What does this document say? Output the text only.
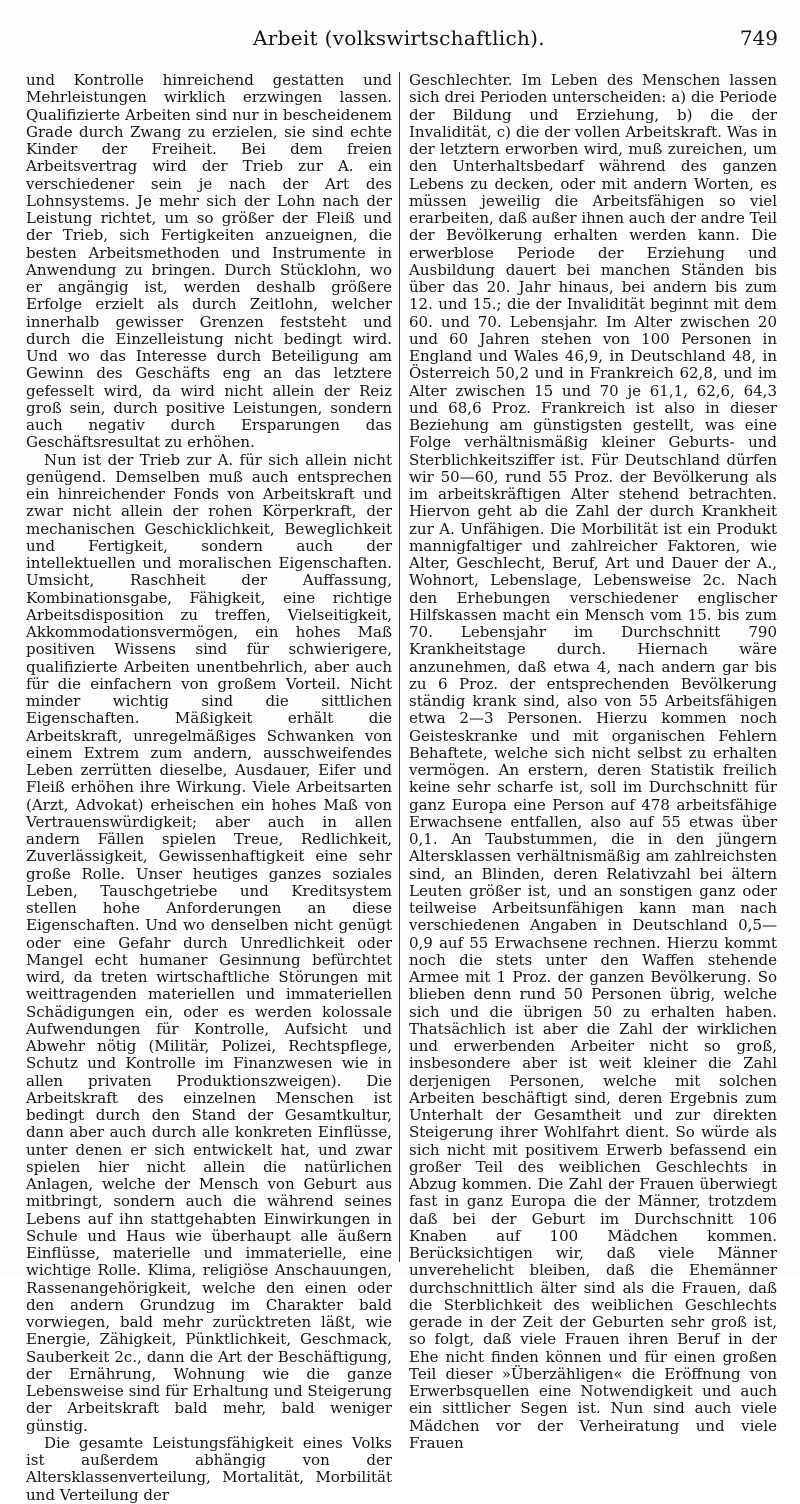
Arbeit (volkswirtschaftlich).	749

und Kontrolle hinreichend gestatten und Mehrleistungen wirklich erzwingen lassen. Qualifizierte Arbeiten sind nur in bescheidenem Grade durch Zwang zu erzielen, sie sind echte Kinder der Freiheit. Bei dem freien Arbeitsvertrag wird der Trieb zur A. ein verschiedener sein je nach der Art des Lohnsystems. Je mehr sich der Lohn nach der Leistung richtet, um so größer der Fleiß und der Trieb, sich Fertigkeiten anzueignen, die besten Arbeitsmethoden und Instrumente in Anwendung zu bringen. Durch Stücklohn, wo er angängig ist, werden deshalb größere Erfolge erzielt als durch Zeitlohn, welcher innerhalb gewisser Grenzen feststeht und durch die Einzelleistung nicht bedingt wird. Und wo das Interesse durch Beteiligung am Gewinn des Geschäfts eng an das letztere gefesselt wird, da wird nicht allein der Reiz groß sein, durch positive Leistungen, sondern auch negativ durch Ersparungen das Geschäftsresultat zu erhöhen.

Nun ist der Trieb zur A. für sich allein nicht genügend. Demselben muß auch entsprechen ein hinreichender Fonds von Arbeitskraft und zwar nicht allein der rohen Körperkraft, der mechanischen Geschicklichkeit, Beweglichkeit und Fertigkeit, sondern auch der intellektuellen und moralischen Eigenschaften. Umsicht, Raschheit der Auffassung, Kombinationsgabe, Fähigkeit, eine richtige Arbeitsdisposition zu treffen, Vielseitigkeit, Akkommodationsvermögen, ein hohes Maß positiven Wissens sind für schwierigere, qualifizierte Arbeiten unentbehrlich, aber auch für die einfachern von großem Vorteil. Nicht minder wichtig sind die sittlichen Eigenschaften. Mäßigkeit erhält die Arbeitskraft, unregelmäßiges Schwanken von einem Extrem zum andern, ausschweifendes Leben zerrütten dieselbe, Ausdauer, Eifer und Fleiß erhöhen ihre Wirkung. Viele Arbeitsarten (Arzt, Advokat) erheischen ein hohes Maß von Vertrauenswürdigkeit; aber auch in allen andern Fällen spielen Treue, Redlichkeit, Zuverlässigkeit, Gewissenhaftigkeit eine sehr große Rolle. Unser heutiges ganzes soziales Leben, Tauschgetriebe und Kreditsystem stellen hohe Anforderungen an diese Eigenschaften. Und wo denselben nicht genügt oder eine Gefahr durch Unredlichkeit oder Mangel echt humaner Gesinnung befürchtet wird, da treten wirtschaftliche Störungen mit weittragenden materiellen und immateriellen Schädigungen ein, oder es werden kolossale Aufwendungen für Kontrolle, Aufsicht und Abwehr nötig (Militär, Polizei, Rechtspflege, Schutz und Kontrolle im Finanzwesen wie in allen privaten Produktionszweigen). Die Arbeitskraft des einzelnen Menschen ist bedingt durch den Stand der Gesamtkultur, dann aber auch durch alle konkreten Einflüsse, unter denen er sich entwickelt hat, und zwar spielen hier nicht allein die natürlichen Anlagen, welche der Mensch von Geburt aus mitbringt, sondern auch die während seines Lebens auf ihn stattgehabten Einwirkungen in Schule und Haus wie überhaupt alle äußern Einflüsse, materielle und immaterielle, eine wichtige Rolle. Klima, religiöse Anschauungen, Rassenangehörigkeit, welche den einen oder den andern Grundzug im Charakter bald vorwiegen, bald mehr zurücktreten läßt, wie Energie, Zähigkeit, Pünktlichkeit, Geschmack, Sauberkeit 2c., dann die Art der Beschäftigung, der Ernährung, Wohnung wie die ganze Lebensweise sind für Erhaltung und Steigerung der Arbeitskraft bald mehr, bald weniger günstig.

Die gesamte Leistungsfähigkeit eines Volks ist außerdem abhängig von der Altersklassenverteilung, Mortalität, Morbilität und Verteilung der

Geschlechter. Im Leben des Menschen lassen sich drei Perioden unterscheiden: a) die Periode der Bildung und Erziehung, b) die der Invalidität, c) die der vollen Arbeitskraft. Was in der letztern erworben wird, muß zureichen, um den Unterhaltsbedarf während des ganzen Lebens zu decken, oder mit andern Worten, es müssen jeweilig die Arbeitsfähigen so viel erarbeiten, daß außer ihnen auch der andre Teil der Bevölkerung erhalten werden kann. Die erwerblose Periode der Erziehung und Ausbildung dauert bei manchen Ständen bis über das 20. Jahr hinaus, bei andern bis zum 12. und 15.; die der Invalidität beginnt mit dem 60. und 70. Lebensjahr. Im Alter zwischen 20 und 60 Jahren stehen von 100 Personen in England und Wales 46,9, in Deutschland 48, in Österreich 50,2 und in Frankreich 62,8, und im Alter zwischen 15 und 70 je 61,1, 62,6, 64,3 und 68,6 Proz. Frankreich ist also in dieser Beziehung am günstigsten gestellt, was eine Folge verhältnismäßig kleiner Geburts- und Sterblichkeitsziffer ist. Für Deutschland dürfen wir 50—60, rund 55 Proz. der Bevölkerung als im arbeitskräftigen Alter stehend betrachten. Hiervon geht ab die Zahl der durch Krankheit zur A. Unfähigen. Die Morbilität ist ein Produkt mannigfaltiger und zahlreicher Faktoren, wie Alter, Geschlecht, Beruf, Art und Dauer der A., Wohnort, Lebenslage, Lebensweise 2c. Nach den Erhebungen verschiedener englischer Hilfskassen macht ein Mensch vom 15. bis zum 70. Lebensjahr im Durchschnitt 790 Krankheitstage durch. Hiernach wäre anzunehmen, daß etwa 4, nach andern gar bis zu 6 Proz. der entsprechenden Bevölkerung ständig krank sind, also von 55 Arbeitsfähigen etwa 2—3 Personen. Hierzu kommen noch Geisteskranke und mit organischen Fehlern Behaftete, welche sich nicht selbst zu erhalten vermögen. An erstern, deren Statistik freilich keine sehr scharfe ist, soll im Durchschnitt für ganz Europa eine Person auf 478 arbeitsfähige Erwachsene entfallen, also auf 55 etwas über 0,1. An Taubstummen, die in den jüngern Altersklassen verhältnismäßig am zahlreichsten sind, an Blinden, deren Relativzahl bei ältern Leuten größer ist, und an sonstigen ganz oder teilweise Arbeitsunfähigen kann man nach verschiedenen Angaben in Deutschland 0,5—0,9 auf 55 Erwachsene rechnen. Hierzu kommt noch die stets unter den Waffen stehende Armee mit 1 Proz. der ganzen Bevölkerung. So blieben denn rund 50 Personen übrig, welche sich und die übrigen 50 zu erhalten haben. Thatsächlich ist aber die Zahl der wirklichen und erwerbenden Arbeiter nicht so groß, insbesondere aber ist weit kleiner die Zahl derjenigen Personen, welche mit solchen Arbeiten beschäftigt sind, deren Ergebnis zum Unterhalt der Gesamtheit und zur direkten Steigerung ihrer Wohlfahrt dient. So würde als sich nicht mit positivem Erwerb befassend ein großer Teil des weiblichen Geschlechts in Abzug kommen. Die Zahl der Frauen überwiegt fast in ganz Europa die der Männer, trotzdem daß bei der Geburt im Durchschnitt 106 Knaben auf 100 Mädchen kommen. Berücksichtigen wir, daß viele Männer unverehelicht bleiben, daß die Ehemänner durchschnittlich älter sind als die Frauen, daß die Sterblichkeit des weiblichen Geschlechts gerade in der Zeit der Geburten sehr groß ist, so folgt, daß viele Frauen ihren Beruf in der Ehe nicht finden können und für einen großen Teil dieser »Überzähligen« die Eröffnung von Erwerbsquellen eine Notwendigkeit und auch ein sittlicher Segen ist. Nun sind auch viele Mädchen vor der Verheiratung und viele Frauen
